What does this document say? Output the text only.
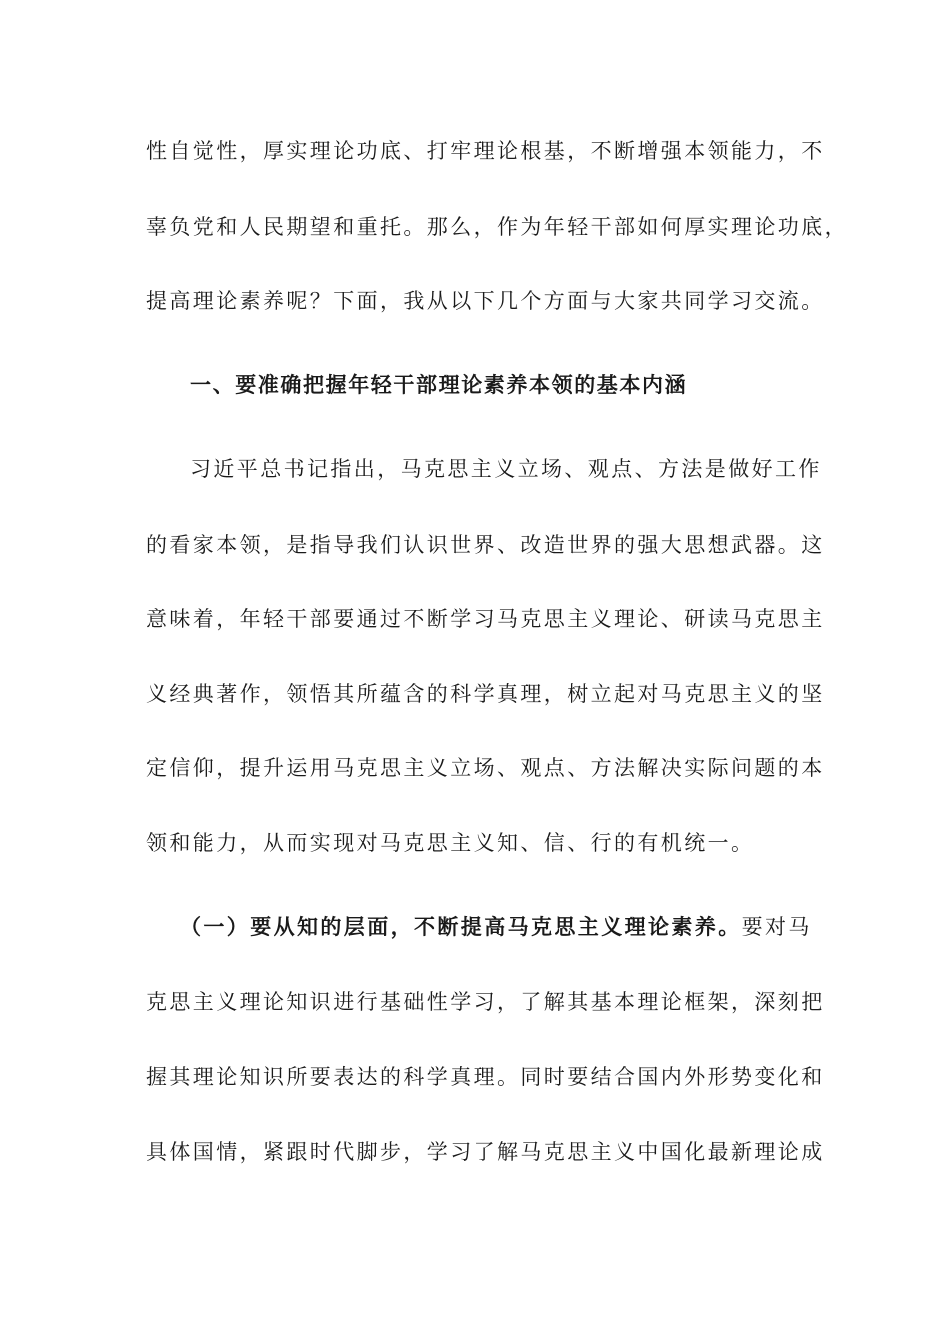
性自觉性，厚实理论功底、打牢理论根基，不断增强本领能力，不
辜负党和人民期望和重托。那么，作为年轻干部如何厚实理论功底，
提高理论素养呢？下面，我从以下几个方面与大家共同学习交流。
一、要准确把握年轻干部理论素养本领的基本内涵
习近平总书记指出，马克思主义立场、观点、方法是做好工作
的看家本领，是指导我们认识世界、改造世界的强大思想武器。这
意味着，年轻干部要通过不断学习马克思主义理论、研读马克思主
义经典著作，领悟其所蕴含的科学真理，树立起对马克思主义的坚
定信仰，提升运用马克思主义立场、观点、方法解决实际问题的本
领和能力，从而实现对马克思主义知、信、行的有机统一。
（一）要从知的层面，不断提高马克思主义理论素养。要对马
克思主义理论知识进行基础性学习，了解其基本理论框架，深刻把
握其理论知识所要表达的科学真理。同时要结合国内外形势变化和
具体国情，紧跟时代脚步，学习了解马克思主义中国化最新理论成
